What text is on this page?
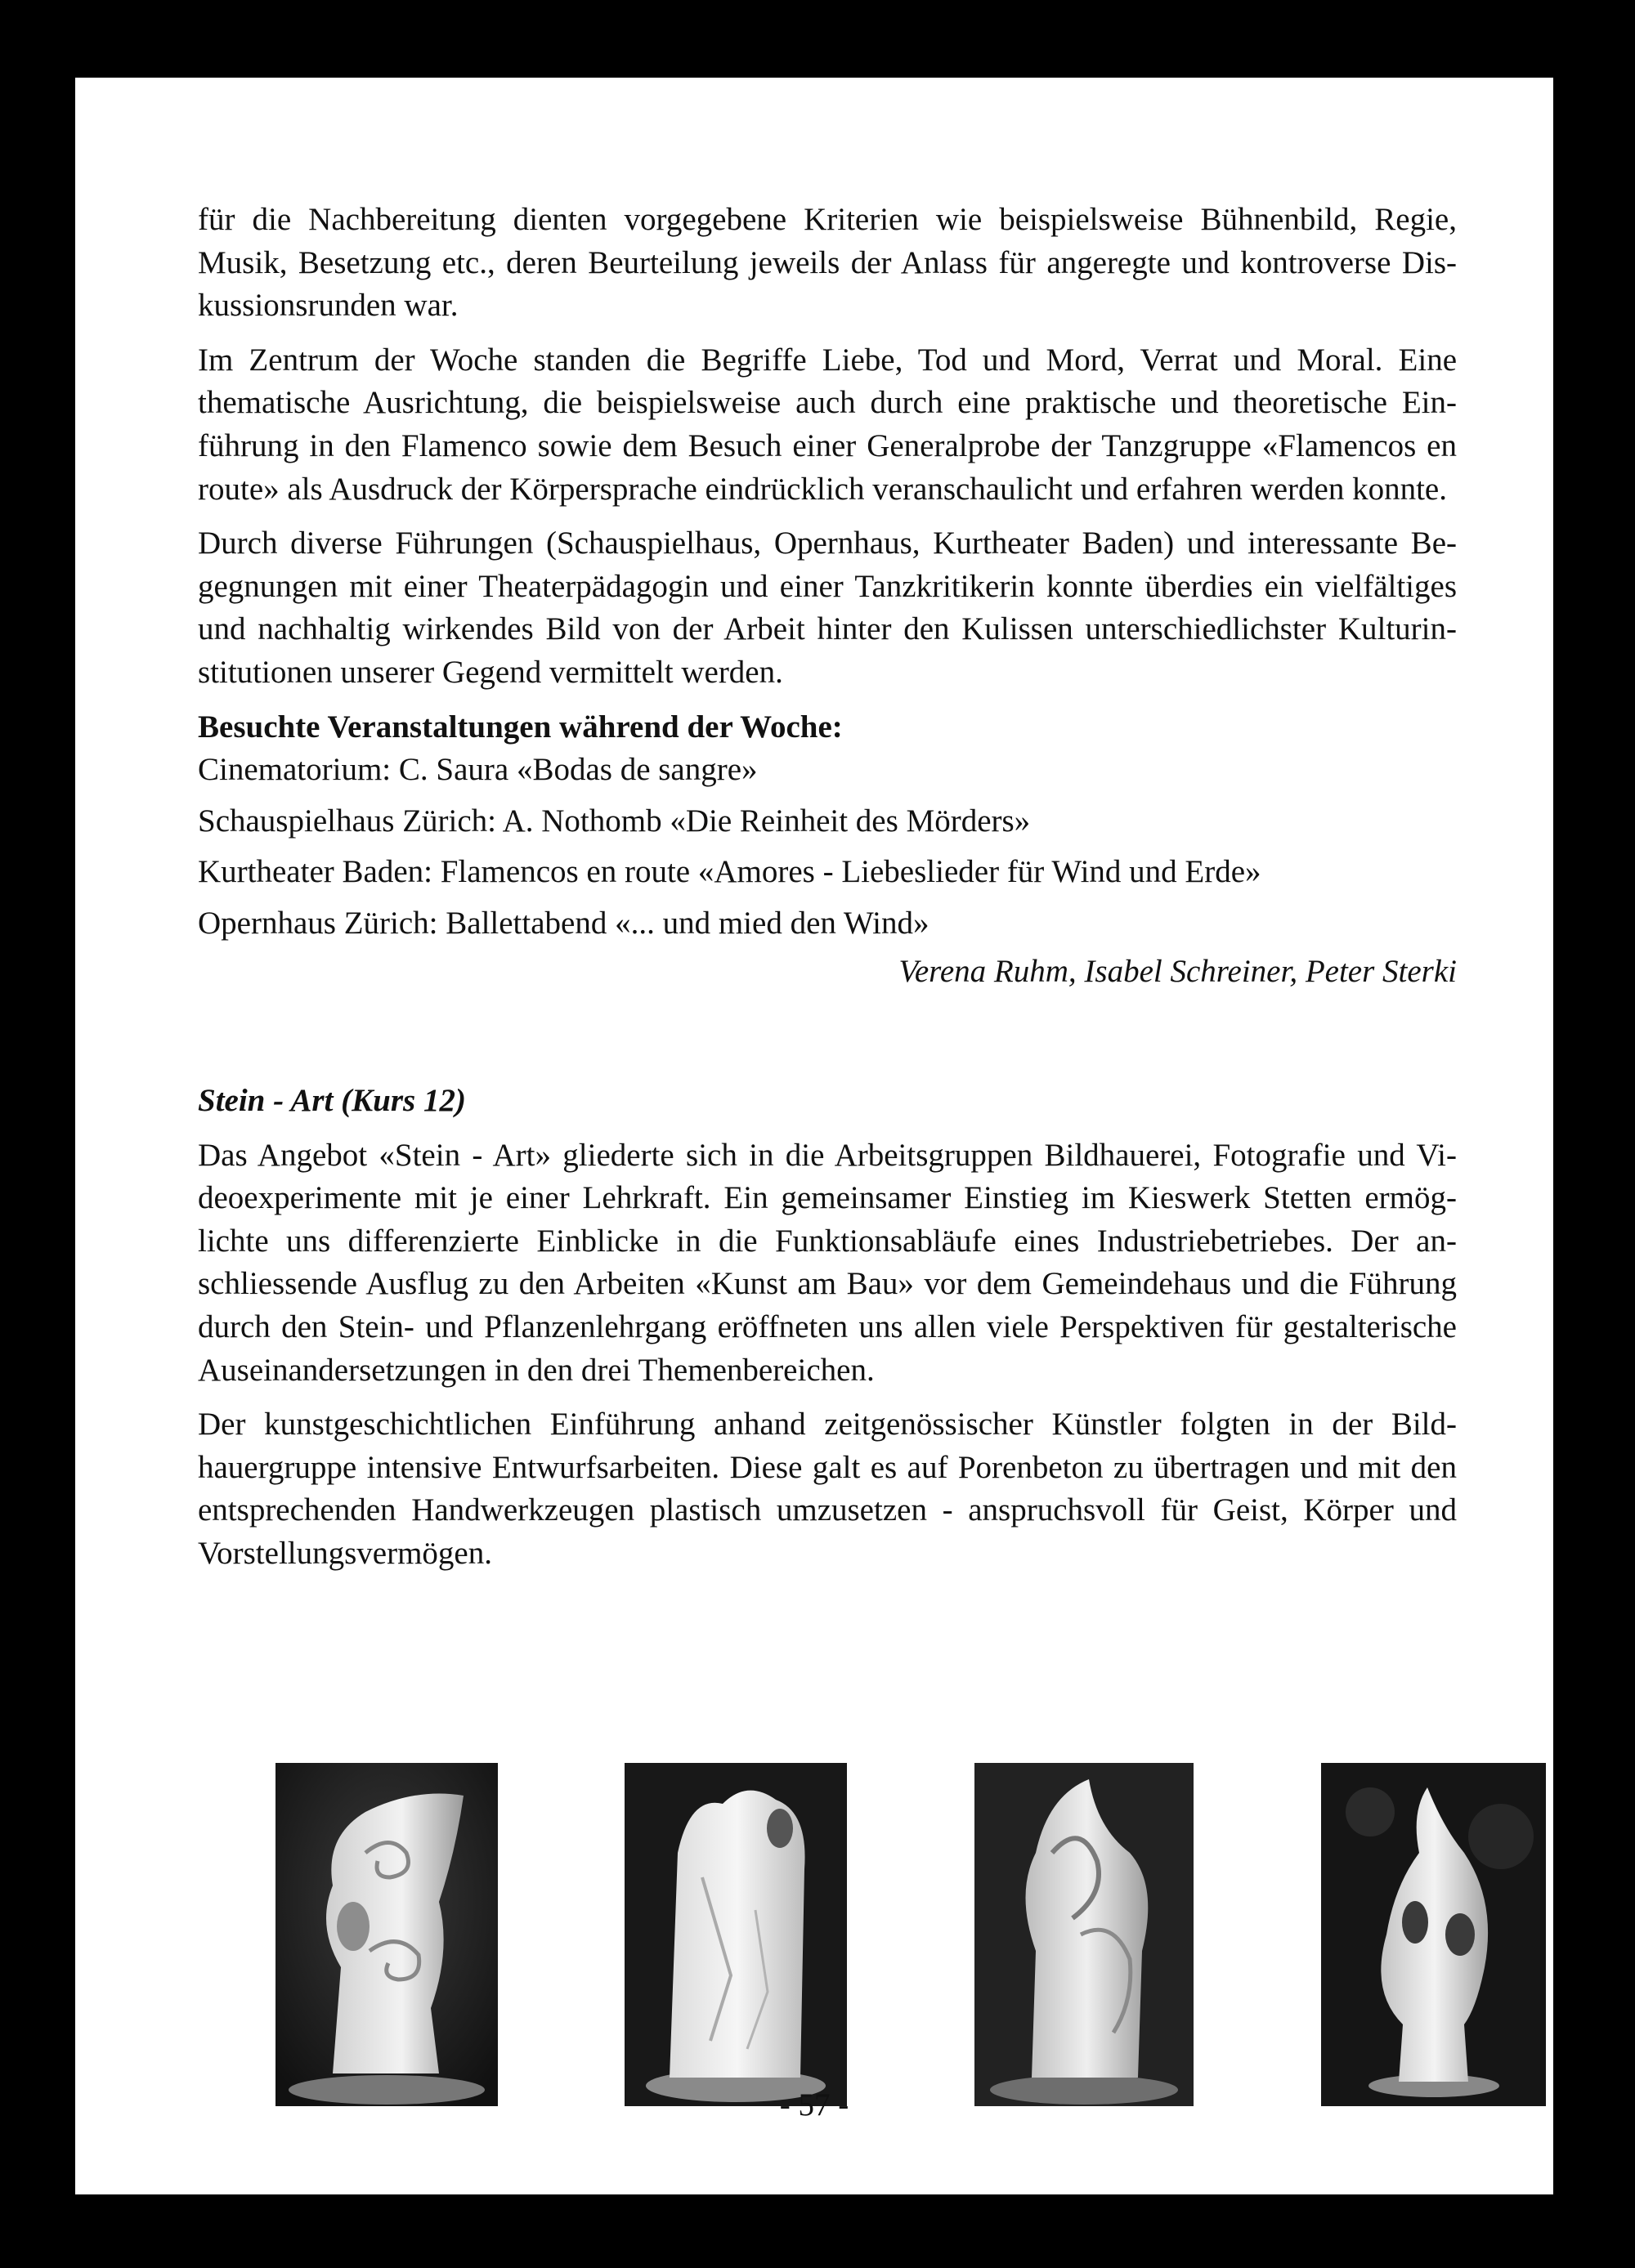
für die Nachbereitung dienten vorgegebene Kriterien wie beispielsweise Bühnenbild, Regie, Musik, Besetzung etc., deren Beurteilung jeweils der Anlass für angeregte und kontroverse Diskussionsrunden war.

Im Zentrum der Woche standen die Begriffe Liebe, Tod und Mord, Verrat und Moral. Eine thematische Ausrichtung, die beispielsweise auch durch eine praktische und theoretische Einführung in den Flamenco sowie dem Besuch einer Generalprobe der Tanzgruppe «Flamencos en route» als Ausdruck der Körpersprache eindrücklich veranschaulicht und erfahren werden konnte.

Durch diverse Führungen (Schauspielhaus, Opernhaus, Kurtheater Baden) und interessante Begegnungen mit einer Theaterpädagogin und einer Tanzkritikerin konnte überdies ein vielfältiges und nachhaltig wirkendes Bild von der Arbeit hinter den Kulissen unterschiedlichster Kulturinstitutionen unserer Gegend vermittelt werden.

Besuchte Veranstaltungen während der Woche:

Cinematorium: C. Saura «Bodas de sangre»
Schauspielhaus Zürich: A. Nothomb «Die Reinheit des Mörders»
Kurtheater Baden: Flamencos en route «Amores - Liebeslieder für Wind und Erde»
Opernhaus Zürich: Ballettabend «... und mied den Wind»

Verena Ruhm, Isabel Schreiner, Peter Sterki

Stein - Art (Kurs 12)

Das Angebot «Stein - Art» gliederte sich in die Arbeitsgruppen Bildhauerei, Fotografie und Videoexperimente mit je einer Lehrkraft. Ein gemeinsamer Einstieg im Kieswerk Stetten ermöglichte uns differenzierte Einblicke in die Funktionsabläufe eines Industriebetriebes. Der anschliessende Ausflug zu den Arbeiten «Kunst am Bau» vor dem Gemeindehaus und die Führung durch den Stein- und Pflanzenlehrgang eröffneten uns allen viele Perspektiven für gestalterische Auseinandersetzungen in den drei Themenbereichen.

Der kunstgeschichtlichen Einführung anhand zeitgenössischer Künstler folgten in der Bildhauergruppe intensive Entwurfsarbeiten. Diese galt es auf Porenbeton zu übertragen und mit den entsprechenden Handwerkzeugen plastisch umzusetzen - anspruchsvoll für Geist, Körper und Vorstellungsvermögen.

- 57 -
